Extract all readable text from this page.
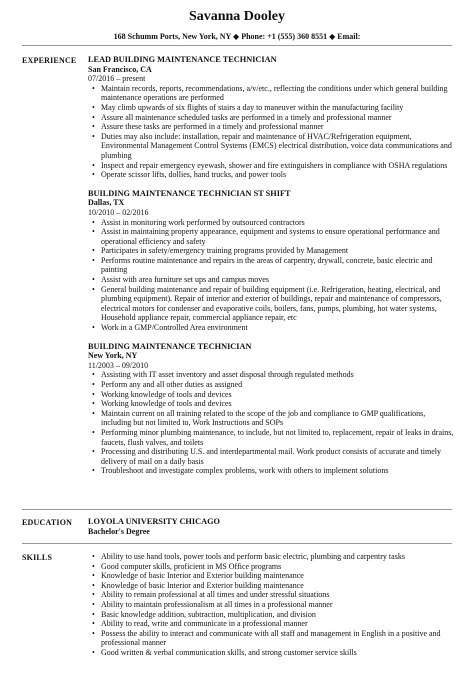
Savanna Dooley
168 Schumm Ports, New York, NY ◆ Phone: +1 (555) 360 8551 ◆ Email:
EXPERIENCE LEAD BUILDING MAINTENANCE TECHNICIAN
San Francisco, CA
07/2016 – present
• Maintain records, reports, recommendations, a/v/etc., reflecting the conditions under which general building maintenance operations are performed
• May climb upwards of six flights of stairs a day to maneuver within the manufacturing facility
• Assure all maintenance scheduled tasks are performed in a timely and professional manner
• Assure these tasks are performed in a timely and professional manner
• Duties may also include: installation, repair and maintenance of HVAC/Refrigeration equipment, Environmental Management Control Systems (EMCS) electrical distribution, voice data communications and plumbing
• Inspect and repair emergency eyewash, shower and fire extinguishers in compliance with OSHA regulations
• Operate scissor lifts, dollies, hand trucks, and power tools
BUILDING MAINTENANCE TECHNICIAN ST SHIFT
Dallas, TX
10/2010 – 02/2016
• Assist in monitoring work performed by outsourced contractors
• Assist in maintaining property appearance, equipment and systems to ensure operational performance and operational efficiency and safety
• Participates in safety/emergency training programs provided by Management
• Performs routine maintenance and repairs in the areas of carpentry, drywall, concrete, basic electric and painting
• Assist with area furniture set ups and campus moves
• General building maintenance and repair of building equipment (i.e. Refrigeration, heating, electrical, and plumbing equipment). Repair of interior and exterior of buildings, repair and maintenance of compressors, electrical motors for condenser and evaporative coils, boilers, fans, pumps, plumbing, hot water systems, Household appliance repair, commercial appliance repair, etc
• Work in a GMP/Controlled Area environment
BUILDING MAINTENANCE TECHNICIAN
New York, NY
11/2003 – 09/2010
• Assisting with IT asset inventory and asset disposal through regulated methods
• Perform any and all other duties as assigned
• Working knowledge of tools and devices
• Working knowledge of tools and devices
• Maintain current on all training related to the scope of the job and compliance to GMP qualifications, including but not limited to, Work Instructions and SOPs
• Performing minor plumbing maintenance, to include, but not limited to, replacement, repair of leaks in drains, faucets, flush valves, and toilets
• Processing and distributing U.S. and interdepartmental mail. Work product consists of accurate and timely delivery of mail on a daily basis
• Troubleshoot and investigate complex problems, work with others to implement solutions
EDUCATION LOYOLA UNIVERSITY CHICAGO
Bachelor's Degree
SKILLS
•	Ability to use hand tools, power tools and perform basic electric, plumbing and carpentry tasks
• Good computer skills, proficient in MS Office programs
• Knowledge of basic Interior and Exterior building maintenance
• Knowledge of basic Interior and Exterior building maintenance
• Ability to remain professional at all times and under stressful situations
• Ability to maintain professionalism at all times in a professional manner
• Basic knowledge addition, subtraction, multiplication, and division
• Ability to read, write and communicate in a professional manner
• Possess the ability to interact and communicate with all staff and management in English in a positive and professional manner
• Good written & verbal communication skills, and strong customer service skills
